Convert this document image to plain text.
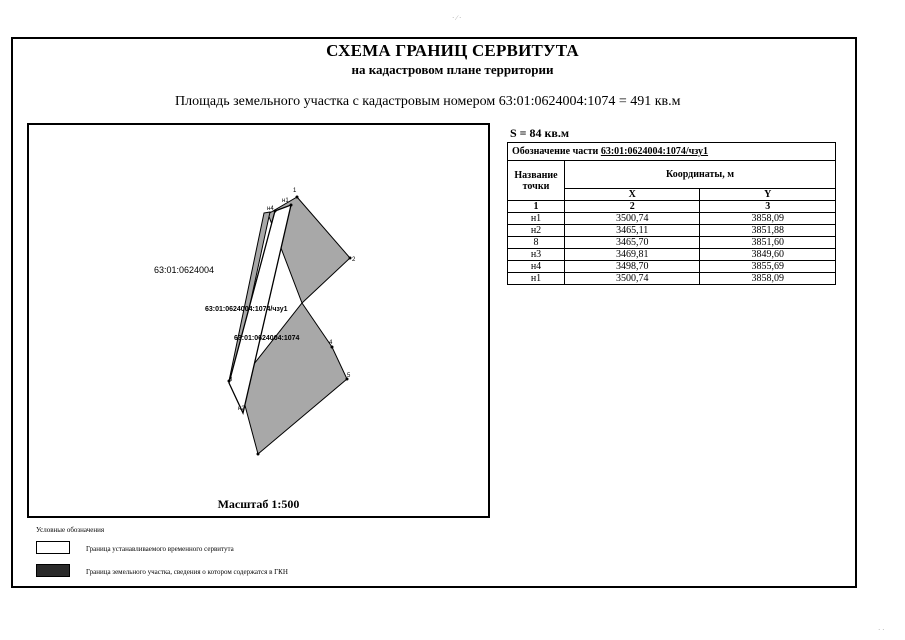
· ∕ ·
· ·
СХЕМА ГРАНИЦ СЕРВИТУТА
на кадастровом плане территории
Площадь земельного участка с кадастровым номером 63:01:0624004:1074 = 491 кв.м
1
2
4
5
8
н1
н4
н2
63:01:0624004
63:01:0624004:1074/чзу1
63:01:0624004:1074
Масштаб 1:500
S = 84 кв.м
Обозначение части 63:01:0624004:1074/чзу1		
Название точки	Координаты, м	
	X	Y
1	2	3
н1	3500,74	3858,09
н2	3465,11	3851,88
8	3465,70	3851,60
н3	3469,81	3849,60
н4	3498,70	3855,69
н1	3500,74	3858,09
Условные обозначения
Граница устанавливаемого временного сервитута
Граница земельного участка, сведения о котором содержатся в ГКН
